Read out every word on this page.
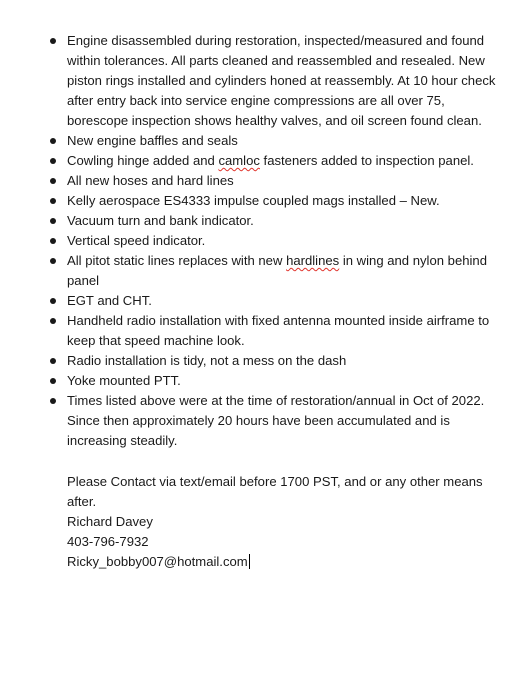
Engine disassembled during restoration, inspected/measured and found within tolerances. All parts cleaned and reassembled and resealed. New piston rings installed and cylinders honed at reassembly. At 10 hour check after entry back into service engine compressions are all over 75, borescope inspection shows healthy valves, and oil screen found clean.
New engine baffles and seals
Cowling hinge added and camloc fasteners added to inspection panel.
All new hoses and hard lines
Kelly aerospace ES4333 impulse coupled mags installed – New.
Vacuum turn and bank indicator.
Vertical speed indicator.
All pitot static lines replaces with new hardlines in wing and nylon behind panel
EGT and CHT.
Handheld radio installation with fixed antenna mounted inside airframe to keep that speed machine look.
Radio installation is tidy, not a mess on the dash
Yoke mounted PTT.
Times listed above were at the time of restoration/annual in Oct of 2022. Since then approximately 20 hours have been accumulated and is increasing steadily.

Please Contact via text/email before 1700 PST, and or any other means after.

Richard Davey

403-796-7932

Ricky_bobby007@hotmail.com
